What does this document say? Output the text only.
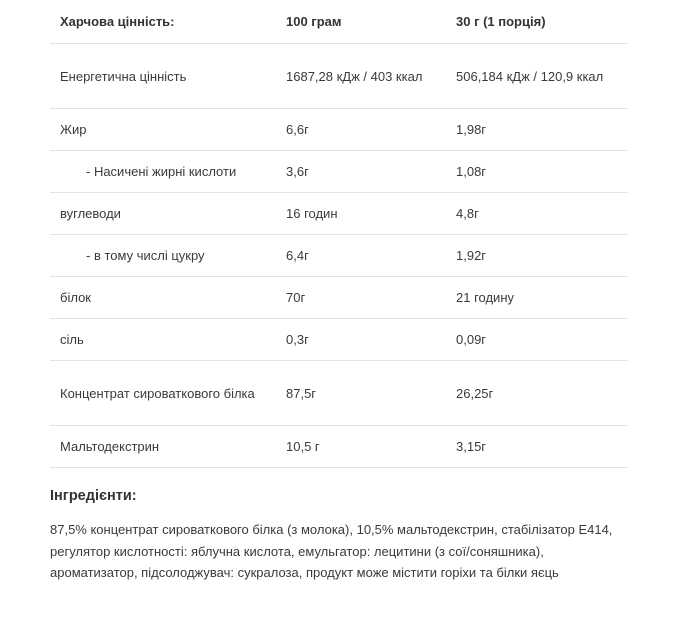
Харчова цінність:	100 грам	30 г (1 порція)
Енергетична цінність	1687,28 кДж / 403 ккал	506,184 кДж / 120,9 ккал
Жир	6,6г	1,98г
- Насичені жирні кислоти	3,6г	1,08г
вуглеводи	16 годин	4,8г
- в тому числі цукру	6,4г	1,92г
білок	70г	21 годину
сіль	0,3г	0,09г
Концентрат сироваткового білка	87,5г	26,25г
Мальтодекстрин	10,5 г	3,15г
Інгредієнти:
87,5% концентрат сироваткового білка (з молока), 10,5% мальтодекстрин, стабілізатор Е414, регулятор кислотності: яблучна кислота, емульгатор: лецитини (з сої/соняшника), ароматизатор, підсолоджувач: сукралоза, продукт може містити горіхи та білки яєць
